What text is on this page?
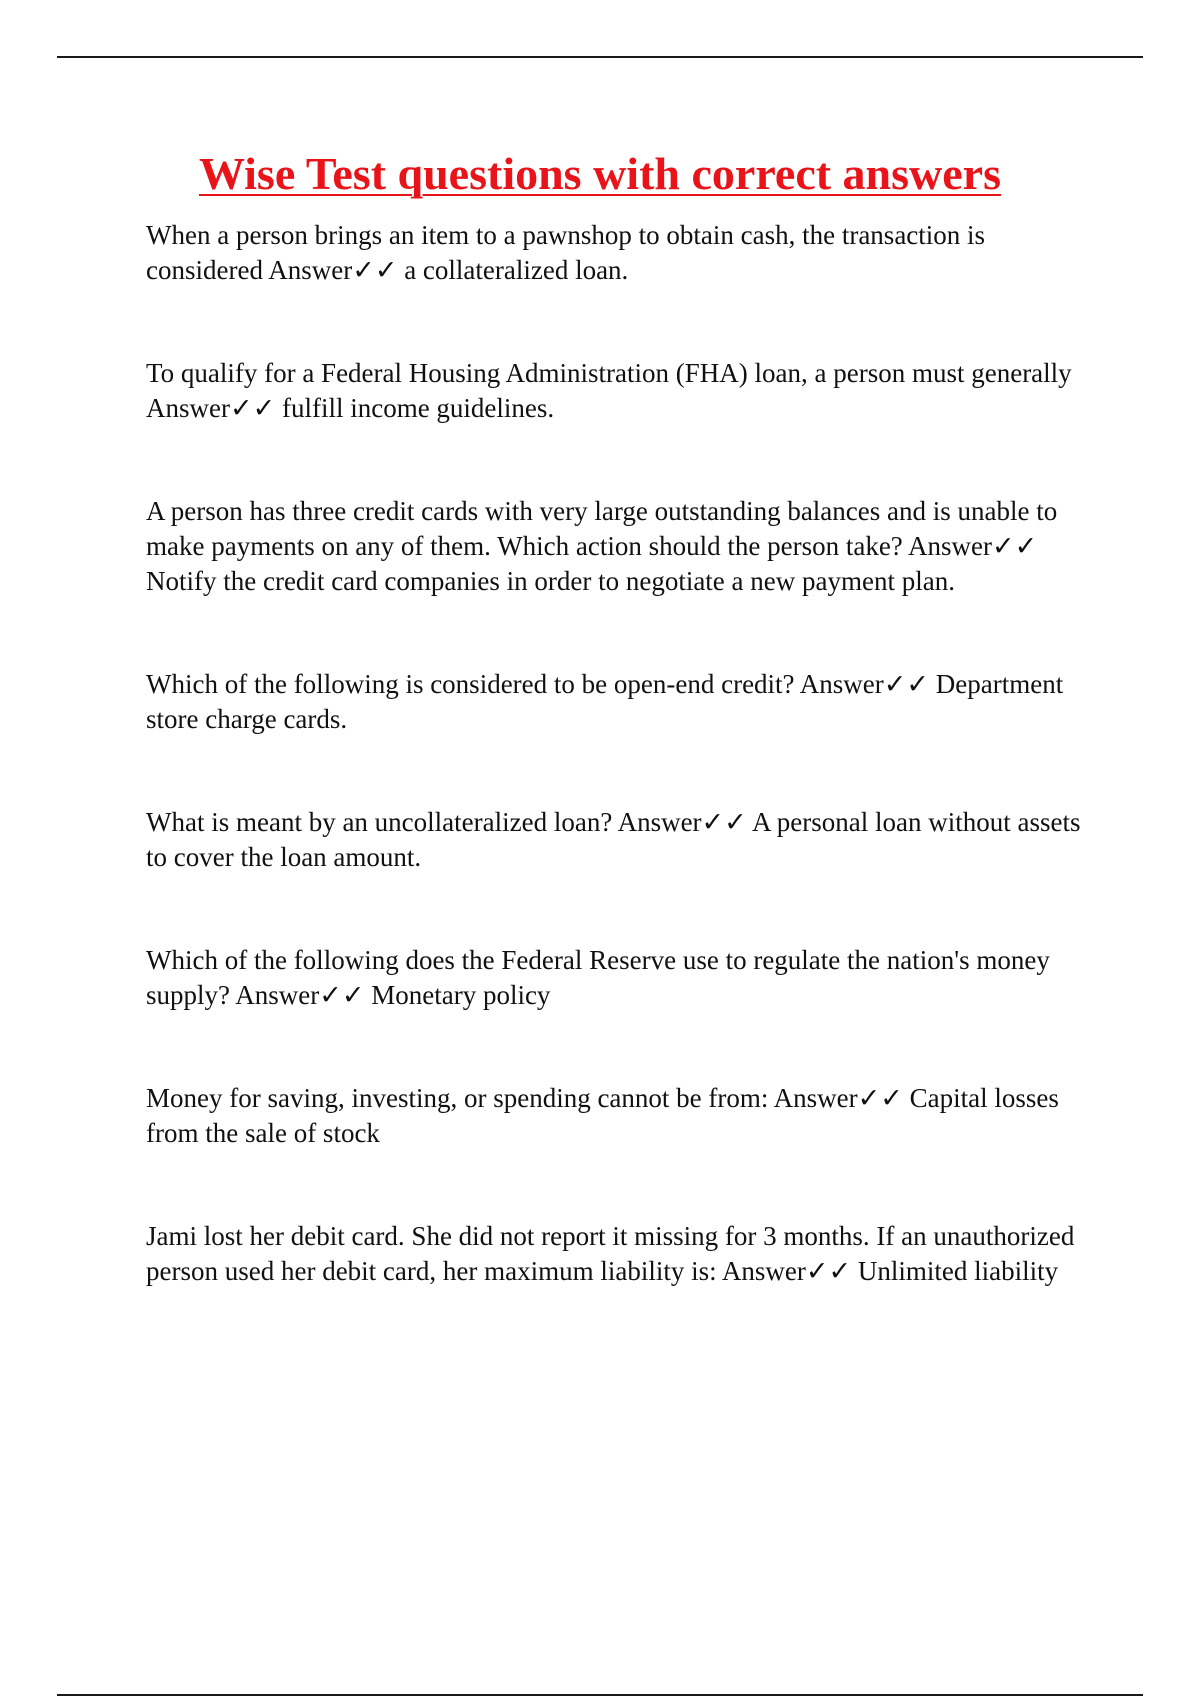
Wise Test questions with correct answers
When a person brings an item to a pawnshop to obtain cash, the transaction is considered Answer✓✓ a collateralized loan.
To qualify for a Federal Housing Administration (FHA) loan, a person must generally Answer✓✓ fulfill income guidelines.
A person has three credit cards with very large outstanding balances and is unable to make payments on any of them. Which action should the person take? Answer✓✓ Notify the credit card companies in order to negotiate a new payment plan.
Which of the following is considered to be open-end credit? Answer✓✓ Department store charge cards.
What is meant by an uncollateralized loan? Answer✓✓ A personal loan without assets to cover the loan amount.
Which of the following does the Federal Reserve use to regulate the nation's money supply? Answer✓✓ Monetary policy
Money for saving, investing, or spending cannot be from: Answer✓✓ Capital losses from the sale of stock
Jami lost her debit card. She did not report it missing for 3 months. If an unauthorized person used her debit card, her maximum liability is: Answer✓✓ Unlimited liability
